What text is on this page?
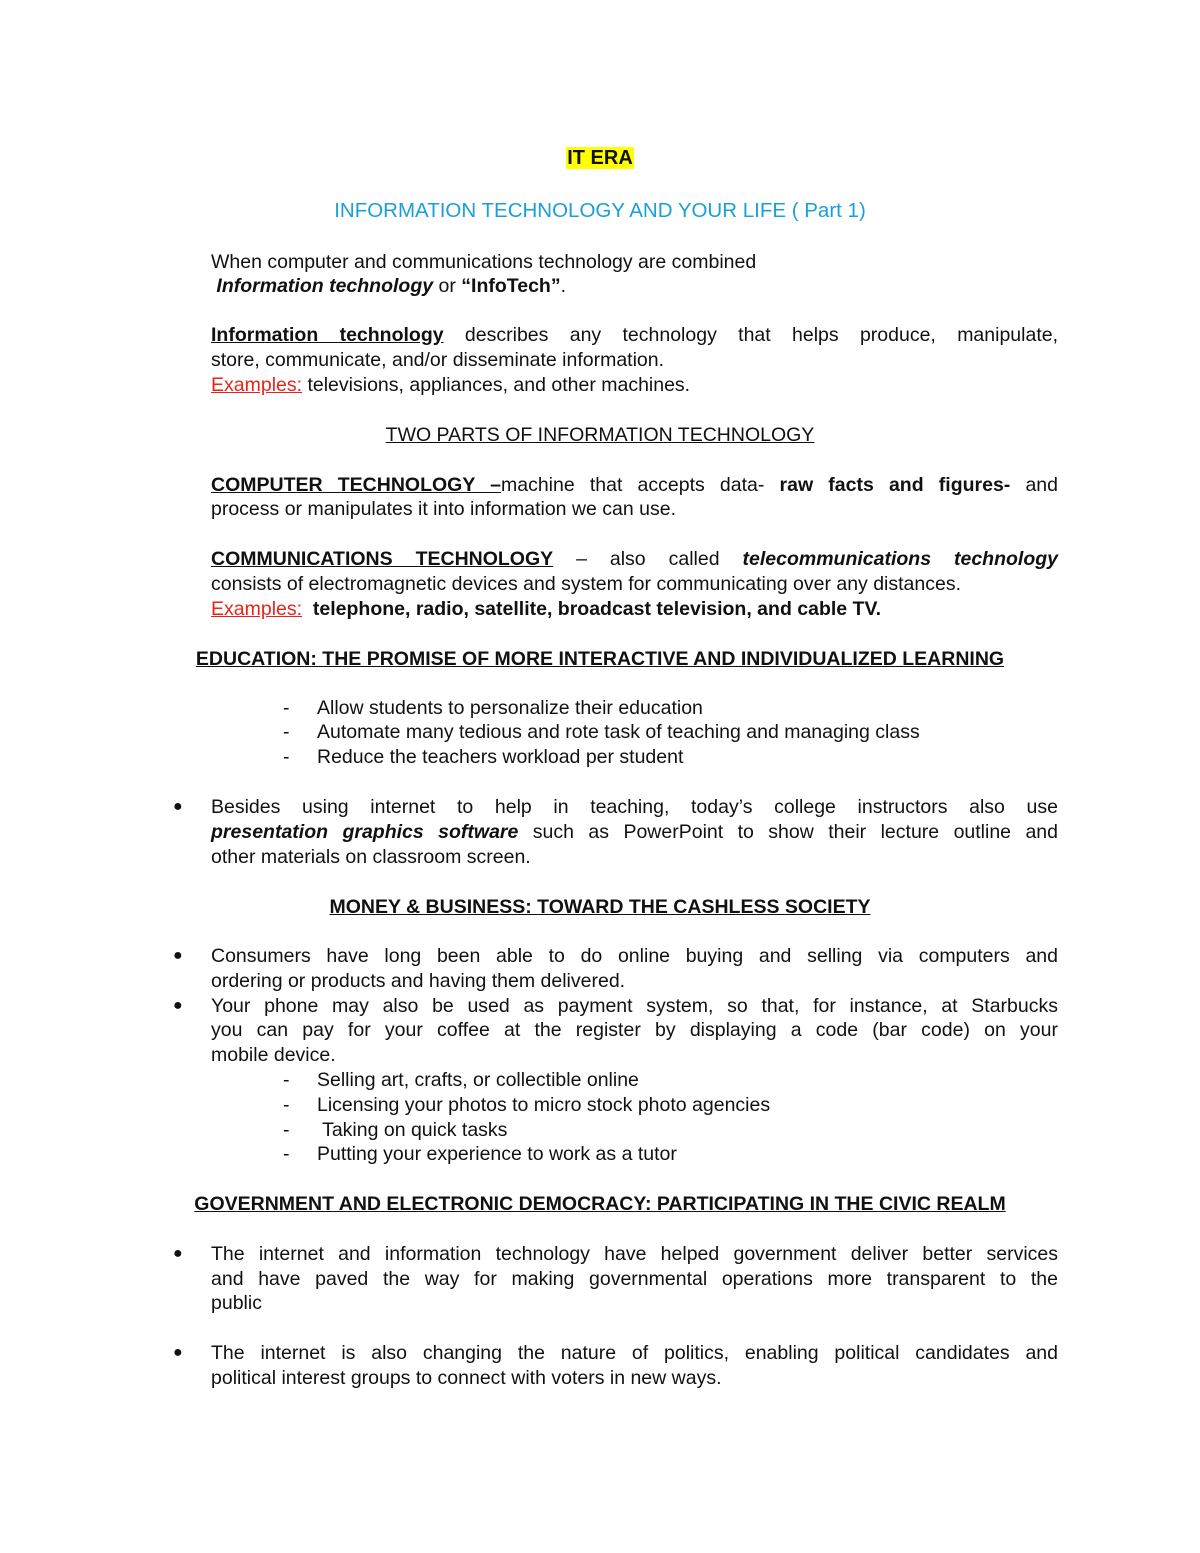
IT ERA
INFORMATION TECHNOLOGY AND YOUR LIFE ( Part 1)
When computer and communications technology are combined
Information technology or “InfoTech”.
Information technology describes any technology that helps produce, manipulate,
store, communicate, and/or disseminate information.
Examples: televisions, appliances, and other machines.
TWO PARTS OF INFORMATION TECHNOLOGY
COMPUTER TECHNOLOGY –machine that accepts data- raw facts and figures- and
process or manipulates it into information we can use.
COMMUNICATIONS TECHNOLOGY – also called telecommunications technology
consists of electromagnetic devices and system for communicating over any distances.
Examples: telephone, radio, satellite, broadcast television, and cable TV.
EDUCATION: THE PROMISE OF MORE INTERACTIVE AND INDIVIDUALIZED LEARNING
-	Allow students to personalize their education
-	Automate many tedious and rote task of teaching and managing class
-	Reduce the teachers workload per student
● Besides using internet to help in teaching, today’s college instructors also use
presentation graphics software such as PowerPoint to show their lecture outline and
other materials on classroom screen.
MONEY & BUSINESS: TOWARD THE CASHLESS SOCIETY
● Consumers have long been able to do online buying and selling via computers and
ordering or products and having them delivered.
● Your phone may also be used as payment system, so that, for instance, at Starbucks
you can pay for your coffee at the register by displaying a code (bar code) on your
mobile device.
-	Selling art, crafts, or collectible online
-	Licensing your photos to micro stock photo agencies
-	Taking on quick tasks
-	Putting your experience to work as a tutor
GOVERNMENT AND ELECTRONIC DEMOCRACY: PARTICIPATING IN THE CIVIC REALM
● The internet and information technology have helped government deliver better services
and have paved the way for making governmental operations more transparent to the
public
● The internet is also changing the nature of politics, enabling political candidates and
political interest groups to connect with voters in new ways.
